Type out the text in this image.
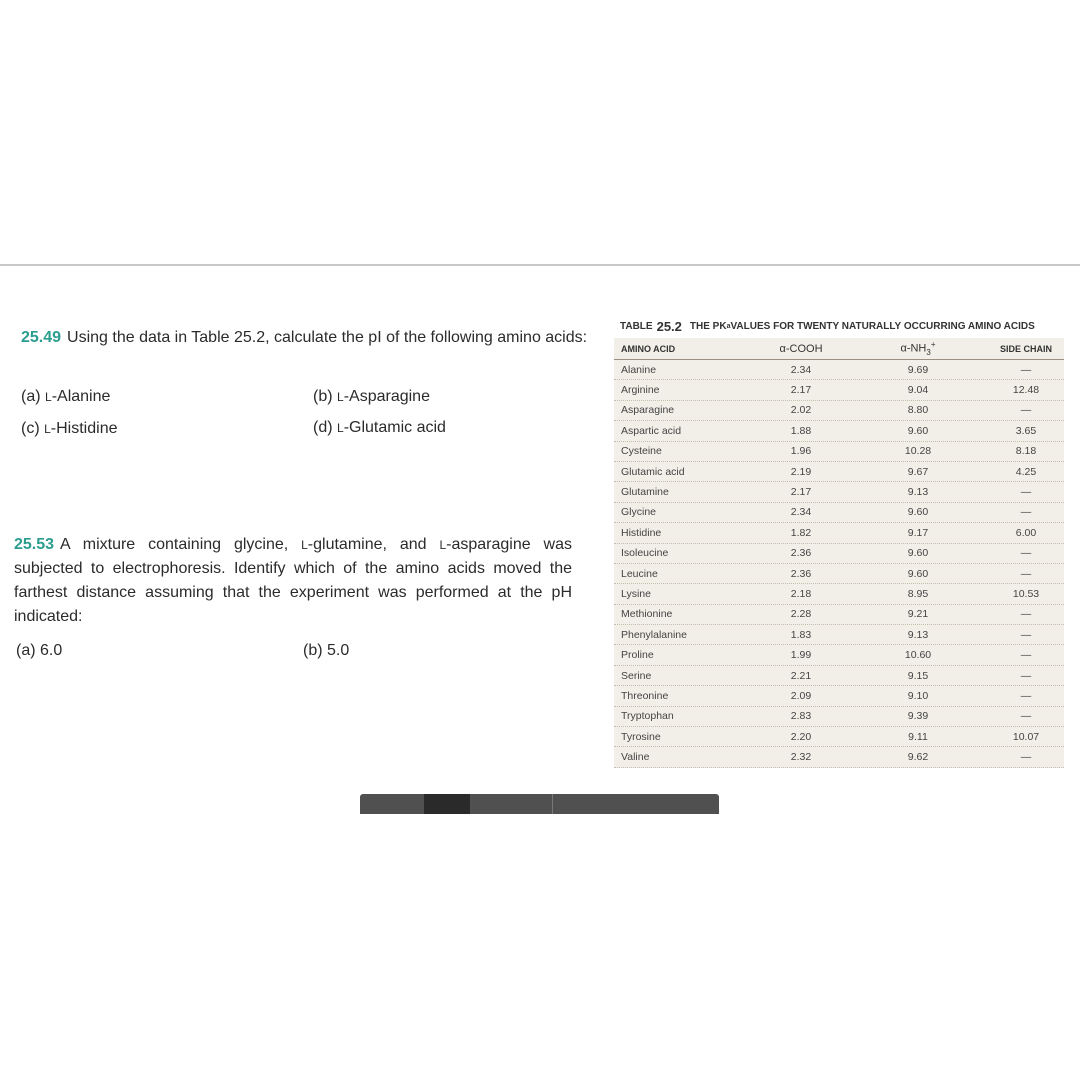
25.49 Using the data in Table 25.2, calculate the pI of the following amino acids:
(a) L-Alanine	(b) L-Asparagine
(c) L-Histidine	(d) L-Glutamic acid
25.53 A mixture containing glycine, L-glutamine, and L-asparagine was subjected to electrophoresis. Identify which of the amino acids moved the farthest distance assuming that the experiment was performed at the pH indicated:
(a) 6.0	(b) 5.0
TABLE 25.2 THE PK a VALUES FOR TWENTY NATURALLY OCCURRING AMINO ACIDS
AMINO ACID	α-COOH	$\alpha-NH_3^+$	SIDE CHAIN
Alanine	2.34	9.69	—
Arginine	2.17	9.04	12.48
Asparagine	2.02	8.80	—
Aspartic acid	1.88	9.60	3.65
Cysteine	1.96	10.28	8.18
Glutamic acid	2.19	9.67	4.25
Glutamine	2.17	9.13	—
Glycine	2.34	9.60	—
Histidine	1.82	9.17	6.00
Isoleucine	2.36	9.60	—
Leucine	2.36	9.60	—
Lysine	2.18	8.95	10.53
Methionine	2.28	9.21	—
Phenylalanine	1.83	9.13	—
Proline	1.99	10.60	—
Serine	2.21	9.15	—
Threonine	2.09	9.10	—
Tryptophan	2.83	9.39	—
Tyrosine	2.20	9.11	10.07
Valine	2.32	9.62	—
